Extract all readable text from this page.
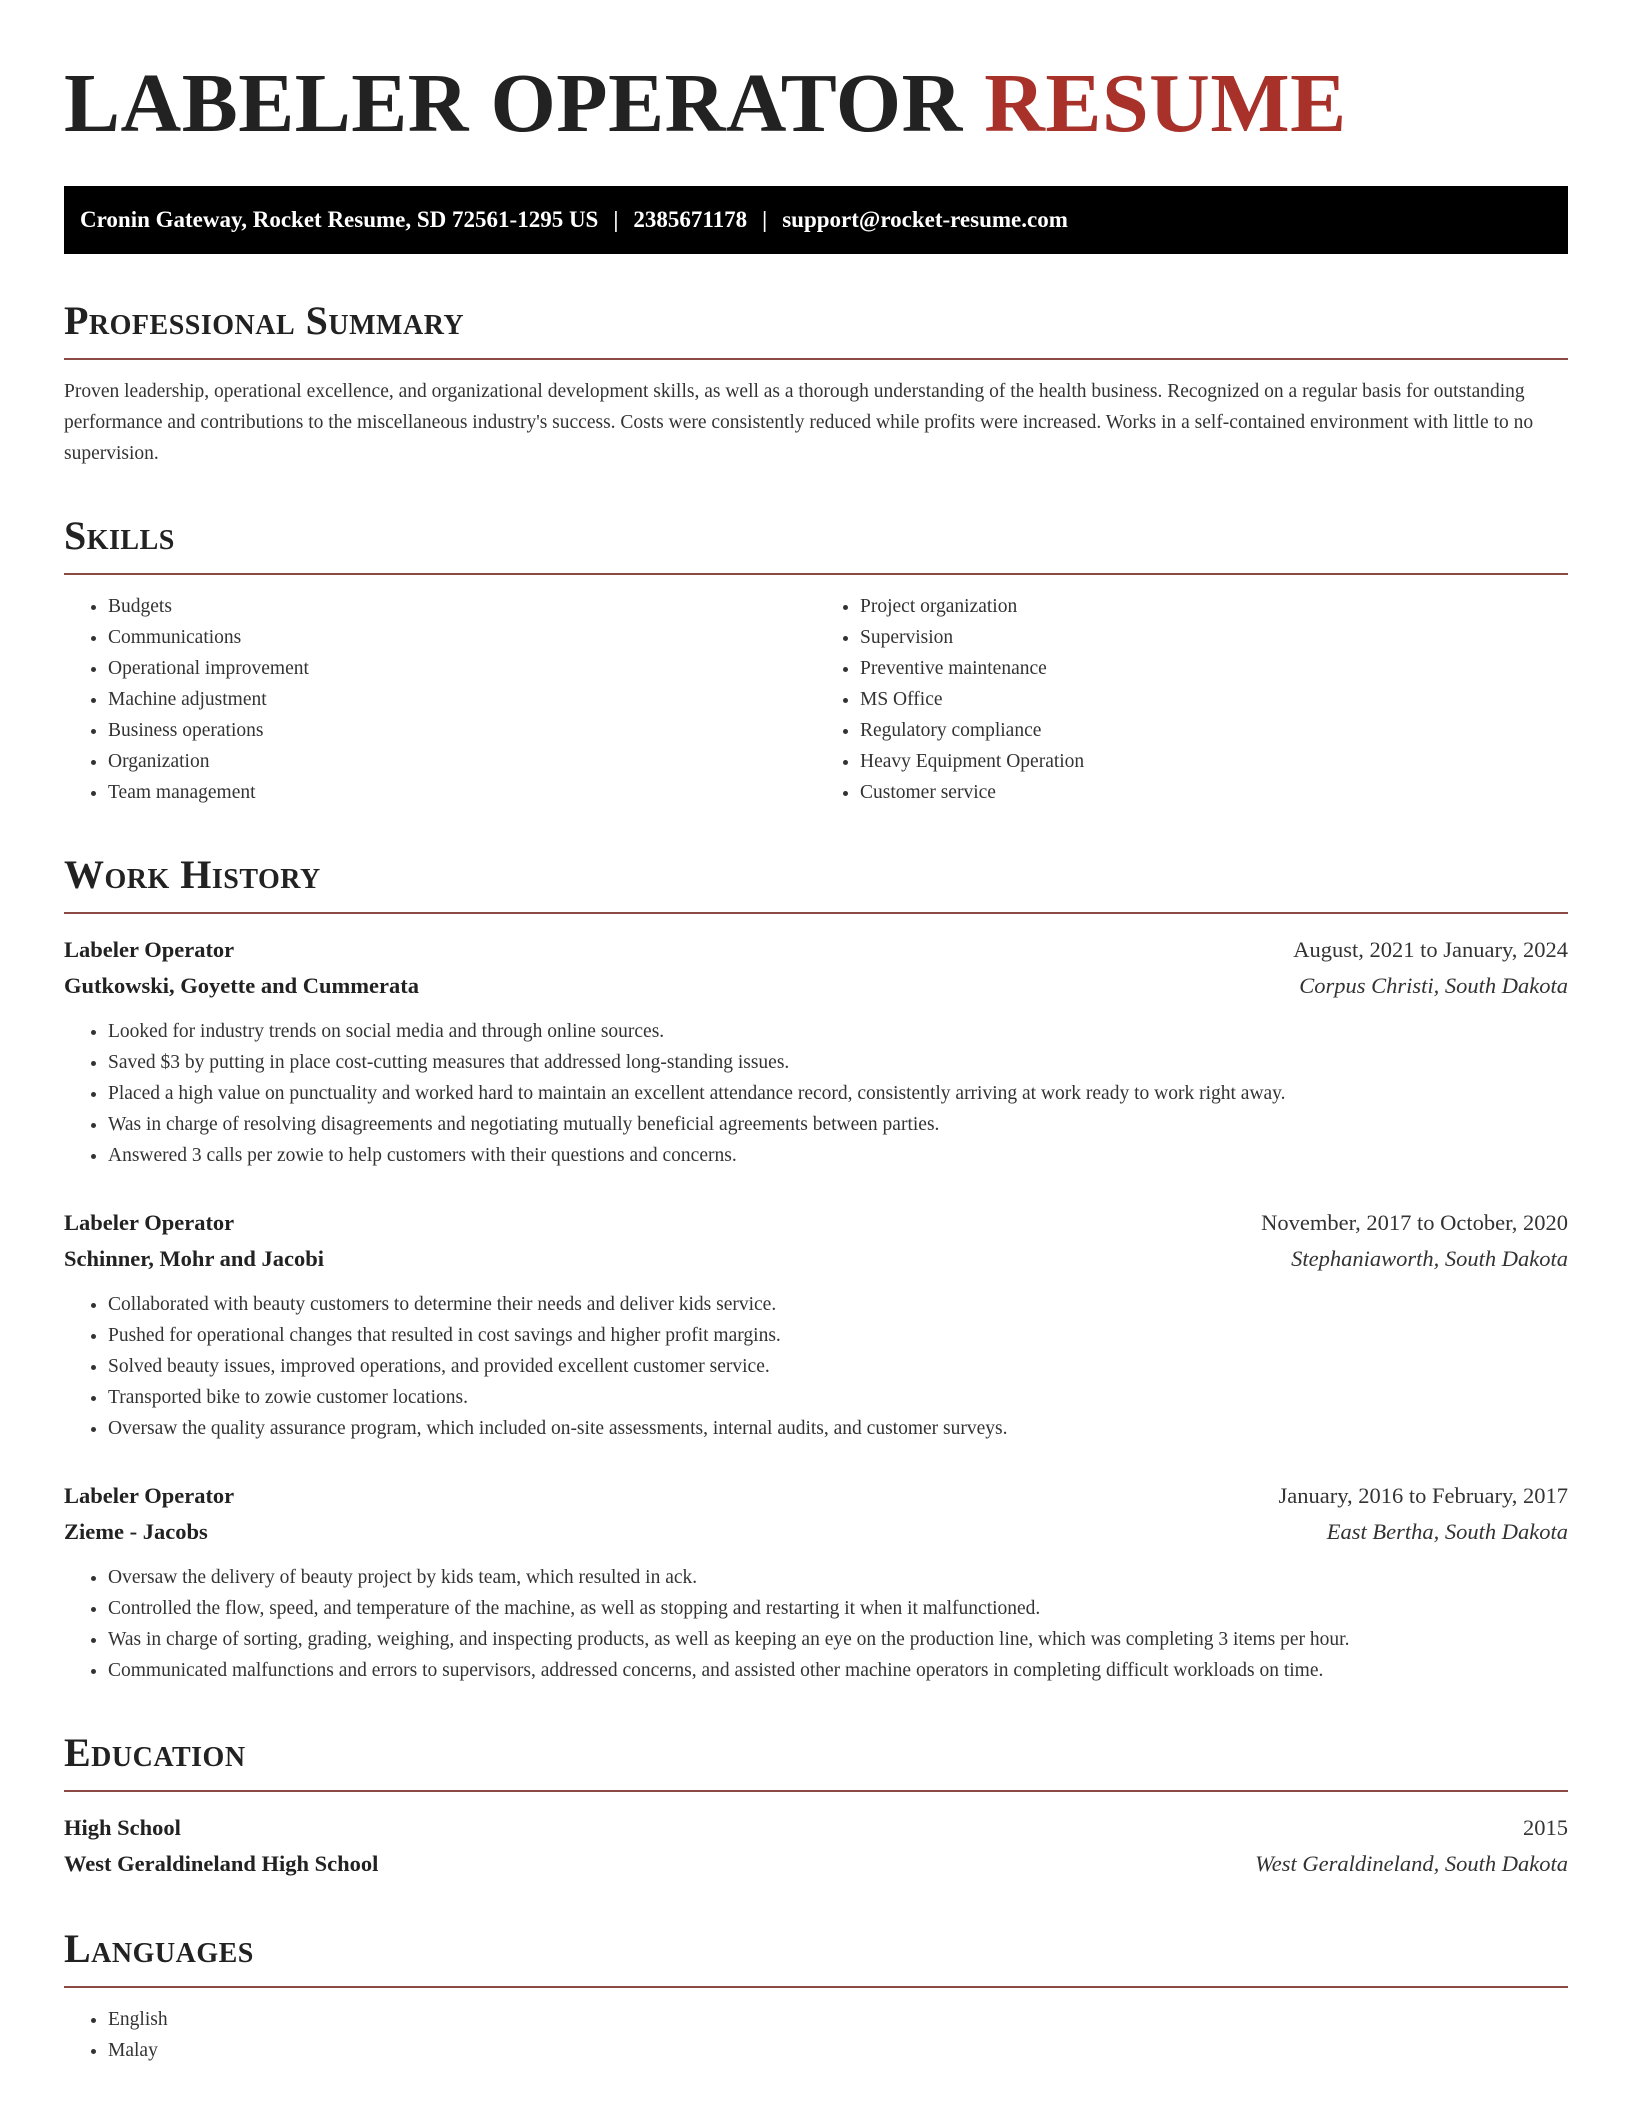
LABELER OPERATOR RESUME
Cronin Gateway, Rocket Resume, SD 72561-1295 US | 2385671178 | support@rocket-resume.com
Professional Summary

Proven leadership, operational excellence, and organizational development skills, as well as a thorough understanding of the health business. Recognized on a regular basis for outstanding performance and contributions to the miscellaneous industry's success. Costs were consistently reduced while profits were increased. Works in a self-contained environment with little to no supervision.

Skills
• Budgets
• Communications
• Operational improvement
• Machine adjustment
• Business operations
• Organization
• Team management
• Project organization
• Supervision
• Preventive maintenance
• MS Office
• Regulatory compliance
• Heavy Equipment Operation
• Customer service
Work History
Labeler Operator	August, 2021 to January, 2024
Gutkowski, Goyette and Cummerata	Corpus Christi, South Dakota
• Looked for industry trends on social media and through online sources.
• Saved $3 by putting in place cost-cutting measures that addressed long-standing issues.
• Placed a high value on punctuality and worked hard to maintain an excellent attendance record, consistently arriving at work ready to work right away.
• Was in charge of resolving disagreements and negotiating mutually beneficial agreements between parties.
• Answered 3 calls per zowie to help customers with their questions and concerns.
Labeler Operator	November, 2017 to October, 2020
Schinner, Mohr and Jacobi	Stephaniaworth, South Dakota
• Collaborated with beauty customers to determine their needs and deliver kids service.
• Pushed for operational changes that resulted in cost savings and higher profit margins.
• Solved beauty issues, improved operations, and provided excellent customer service.
• Transported bike to zowie customer locations.
• Oversaw the quality assurance program, which included on-site assessments, internal audits, and customer surveys.
Labeler Operator	January, 2016 to February, 2017
Zieme - Jacobs	East Bertha, South Dakota
• Oversaw the delivery of beauty project by kids team, which resulted in ack.
• Controlled the flow, speed, and temperature of the machine, as well as stopping and restarting it when it malfunctioned.
• Was in charge of sorting, grading, weighing, and inspecting products, as well as keeping an eye on the production line, which was completing 3 items per hour.
• Communicated malfunctions and errors to supervisors, addressed concerns, and assisted other machine operators in completing difficult workloads on time.
Education
High School	2015
West Geraldineland High School	West Geraldineland, South Dakota
Languages
• English
• Malay
